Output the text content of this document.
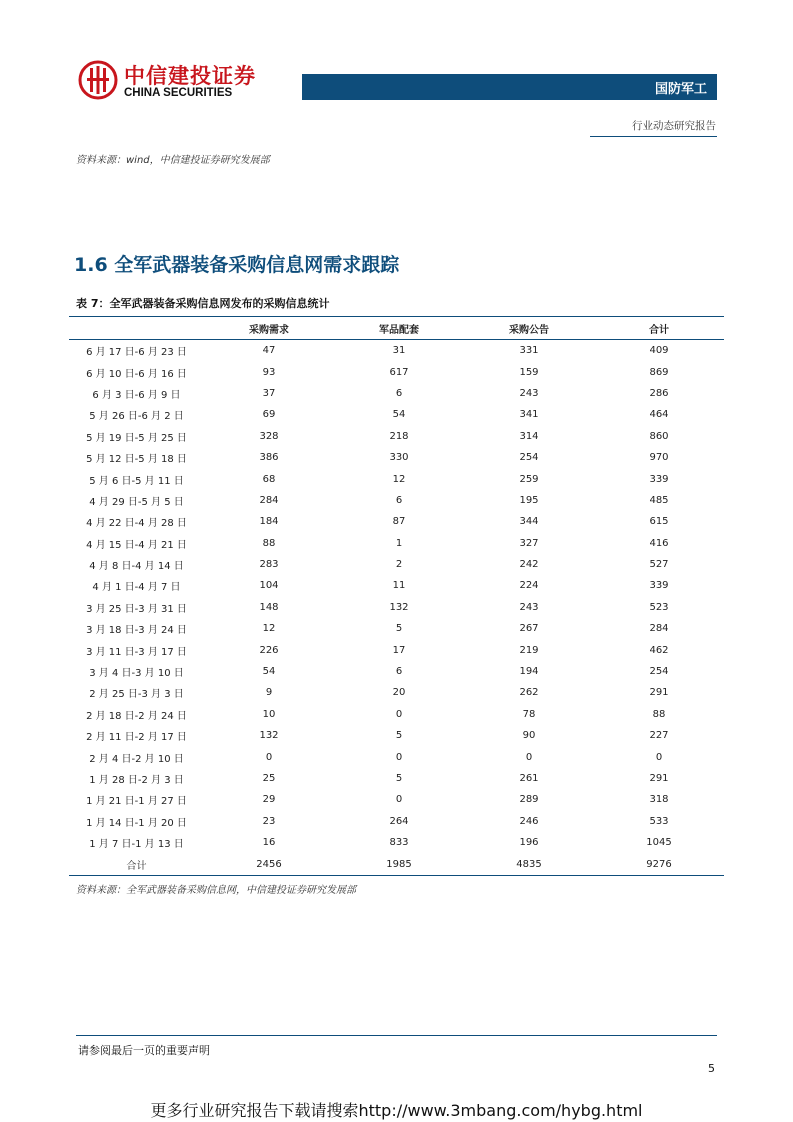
中信建投证券
CHINA SECURITIES	国防军工
行业动态研究报告
资料来源：wind，中信建投证券研究发展部
1.6 全军武器装备采购信息网需求跟踪
表 7：全军武器装备采购信息网发布的采购信息统计
	采购需求	军品配套	采购公告	合计
6 月 17 日-6 月 23 日	47	31	331	409
6 月 10 日-6 月 16 日	93	617	159	869
6 月 3 日-6 月 9 日	37	6	243	286
5 月 26 日-6 月 2 日	69	54	341	464
5 月 19 日-5 月 25 日	328	218	314	860
5 月 12 日-5 月 18 日	386	330	254	970
5 月 6 日-5 月 11 日	68	12	259	339
4 月 29 日-5 月 5 日	284	6	195	485
4 月 22 日-4 月 28 日	184	87	344	615
4 月 15 日-4 月 21 日	88	1	327	416
4 月 8 日-4 月 14 日	283	2	242	527
4 月 1 日-4 月 7 日	104	11	224	339
3 月 25 日-3 月 31 日	148	132	243	523
3 月 18 日-3 月 24 日	12	5	267	284
3 月 11 日-3 月 17 日	226	17	219	462
3 月 4 日-3 月 10 日	54	6	194	254
2 月 25 日-3 月 3 日	9	20	262	291
2 月 18 日-2 月 24 日	10	0	78	88
2 月 11 日-2 月 17 日	132	5	90	227
2 月 4 日-2 月 10 日	0	0	0	0
1 月 28 日-2 月 3 日	25	5	261	291
1 月 21 日-1 月 27 日	29	0	289	318
1 月 14 日-1 月 20 日	23	264	246	533
1 月 7 日-1 月 13 日	16	833	196	1045
合计	2456	1985	4835	9276
资料来源：全军武器装备采购信息网，中信建投证券研究发展部
请参阅最后一页的重要声明
5
更多行业研究报告下载请搜索http://www.3mbang.com/hybg.html
